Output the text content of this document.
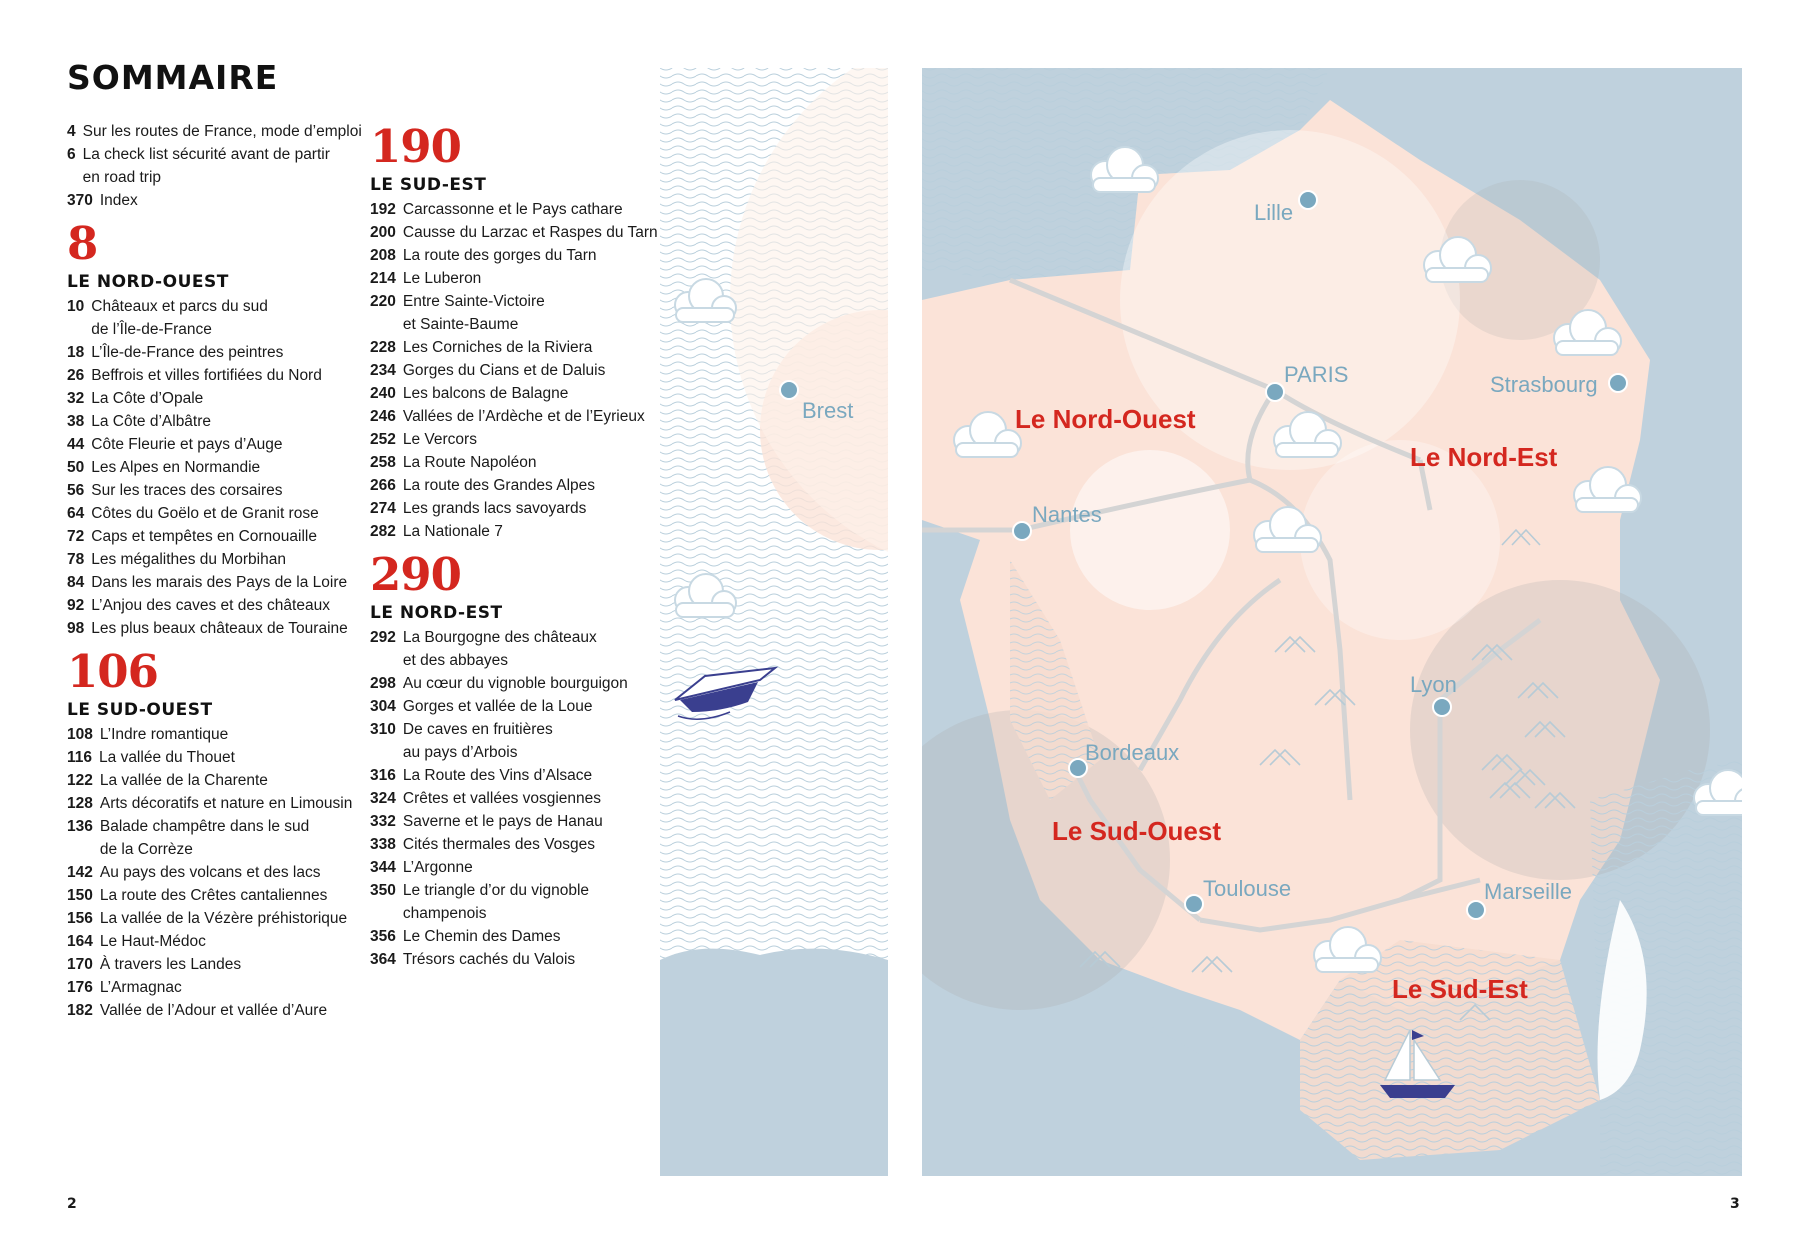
SOMMAIRE
4 Sur les routes de France, mode d’emploi
6 La check list sécurité avant de partir
en road trip
370 Index
8
LE NORD-OUEST
10 Châteaux et parcs du sud
de l’Île-de-France
18 L’Île-de-France des peintres
26 Beffrois et villes fortifiées du Nord
32 La Côte d’Opale
38 La Côte d’Albâtre
44 Côte Fleurie et pays d’Auge
50 Les Alpes en Normandie
56 Sur les traces des corsaires
64 Côtes du Goëlo et de Granit rose
72 Caps et tempêtes en Cornouaille
78 Les mégalithes du Morbihan
84 Dans les marais des Pays de la Loire
92 L’Anjou des caves et des châteaux
98 Les plus beaux châteaux de Touraine
106
LE SUD-OUEST
108 L’Indre romantique
116 La vallée du Thouet
122 La vallée de la Charente
128 Arts décoratifs et nature en Limousin
136 Balade champêtre dans le sud
de la Corrèze
142 Au pays des volcans et des lacs
150 La route des Crêtes cantaliennes
156 La vallée de la Vézère préhistorique
164 Le Haut-Médoc
170 À travers les Landes
176 L’Armagnac
182 Vallée de l’Adour et vallée d’Aure
190
LE SUD-EST
192 Carcassonne et le Pays cathare
200 Causse du Larzac et Raspes du Tarn
208 La route des gorges du Tarn
214 Le Luberon
220 Entre Sainte-Victoire
et Sainte-Baume
228 Les Corniches de la Riviera
234 Gorges du Cians et de Daluis
240 Les balcons de Balagne
246 Vallées de l’Ardèche et de l’Eyrieux
252 Le Vercors
258 La Route Napoléon
266 La route des Grandes Alpes
274 Les grands lacs savoyards
282 La Nationale 7
290
LE NORD-EST
292 La Bourgogne des châteaux
et des abbayes
298 Au cœur du vignoble bourguigon
304 Gorges et vallée de la Loue
310 De caves en fruitières
au pays d’Arbois
316 La Route des Vins d’Alsace
324 Crêtes et vallées vosgiennes
332 Saverne et le pays de Hanau
338 Cités thermales des Vosges
344 L’Argonne
350 Le triangle d’or du vignoble
champenois
356 Le Chemin des Dames
364 Trésors cachés du Valois
2	3
Lille
PARIS	Strasbourg
Brest
Nantes
Lyon
Bordeaux
Toulouse	Marseille
Le Nord-Ouest
Le Nord-Est
Le Sud-Ouest
Le Sud-Est
